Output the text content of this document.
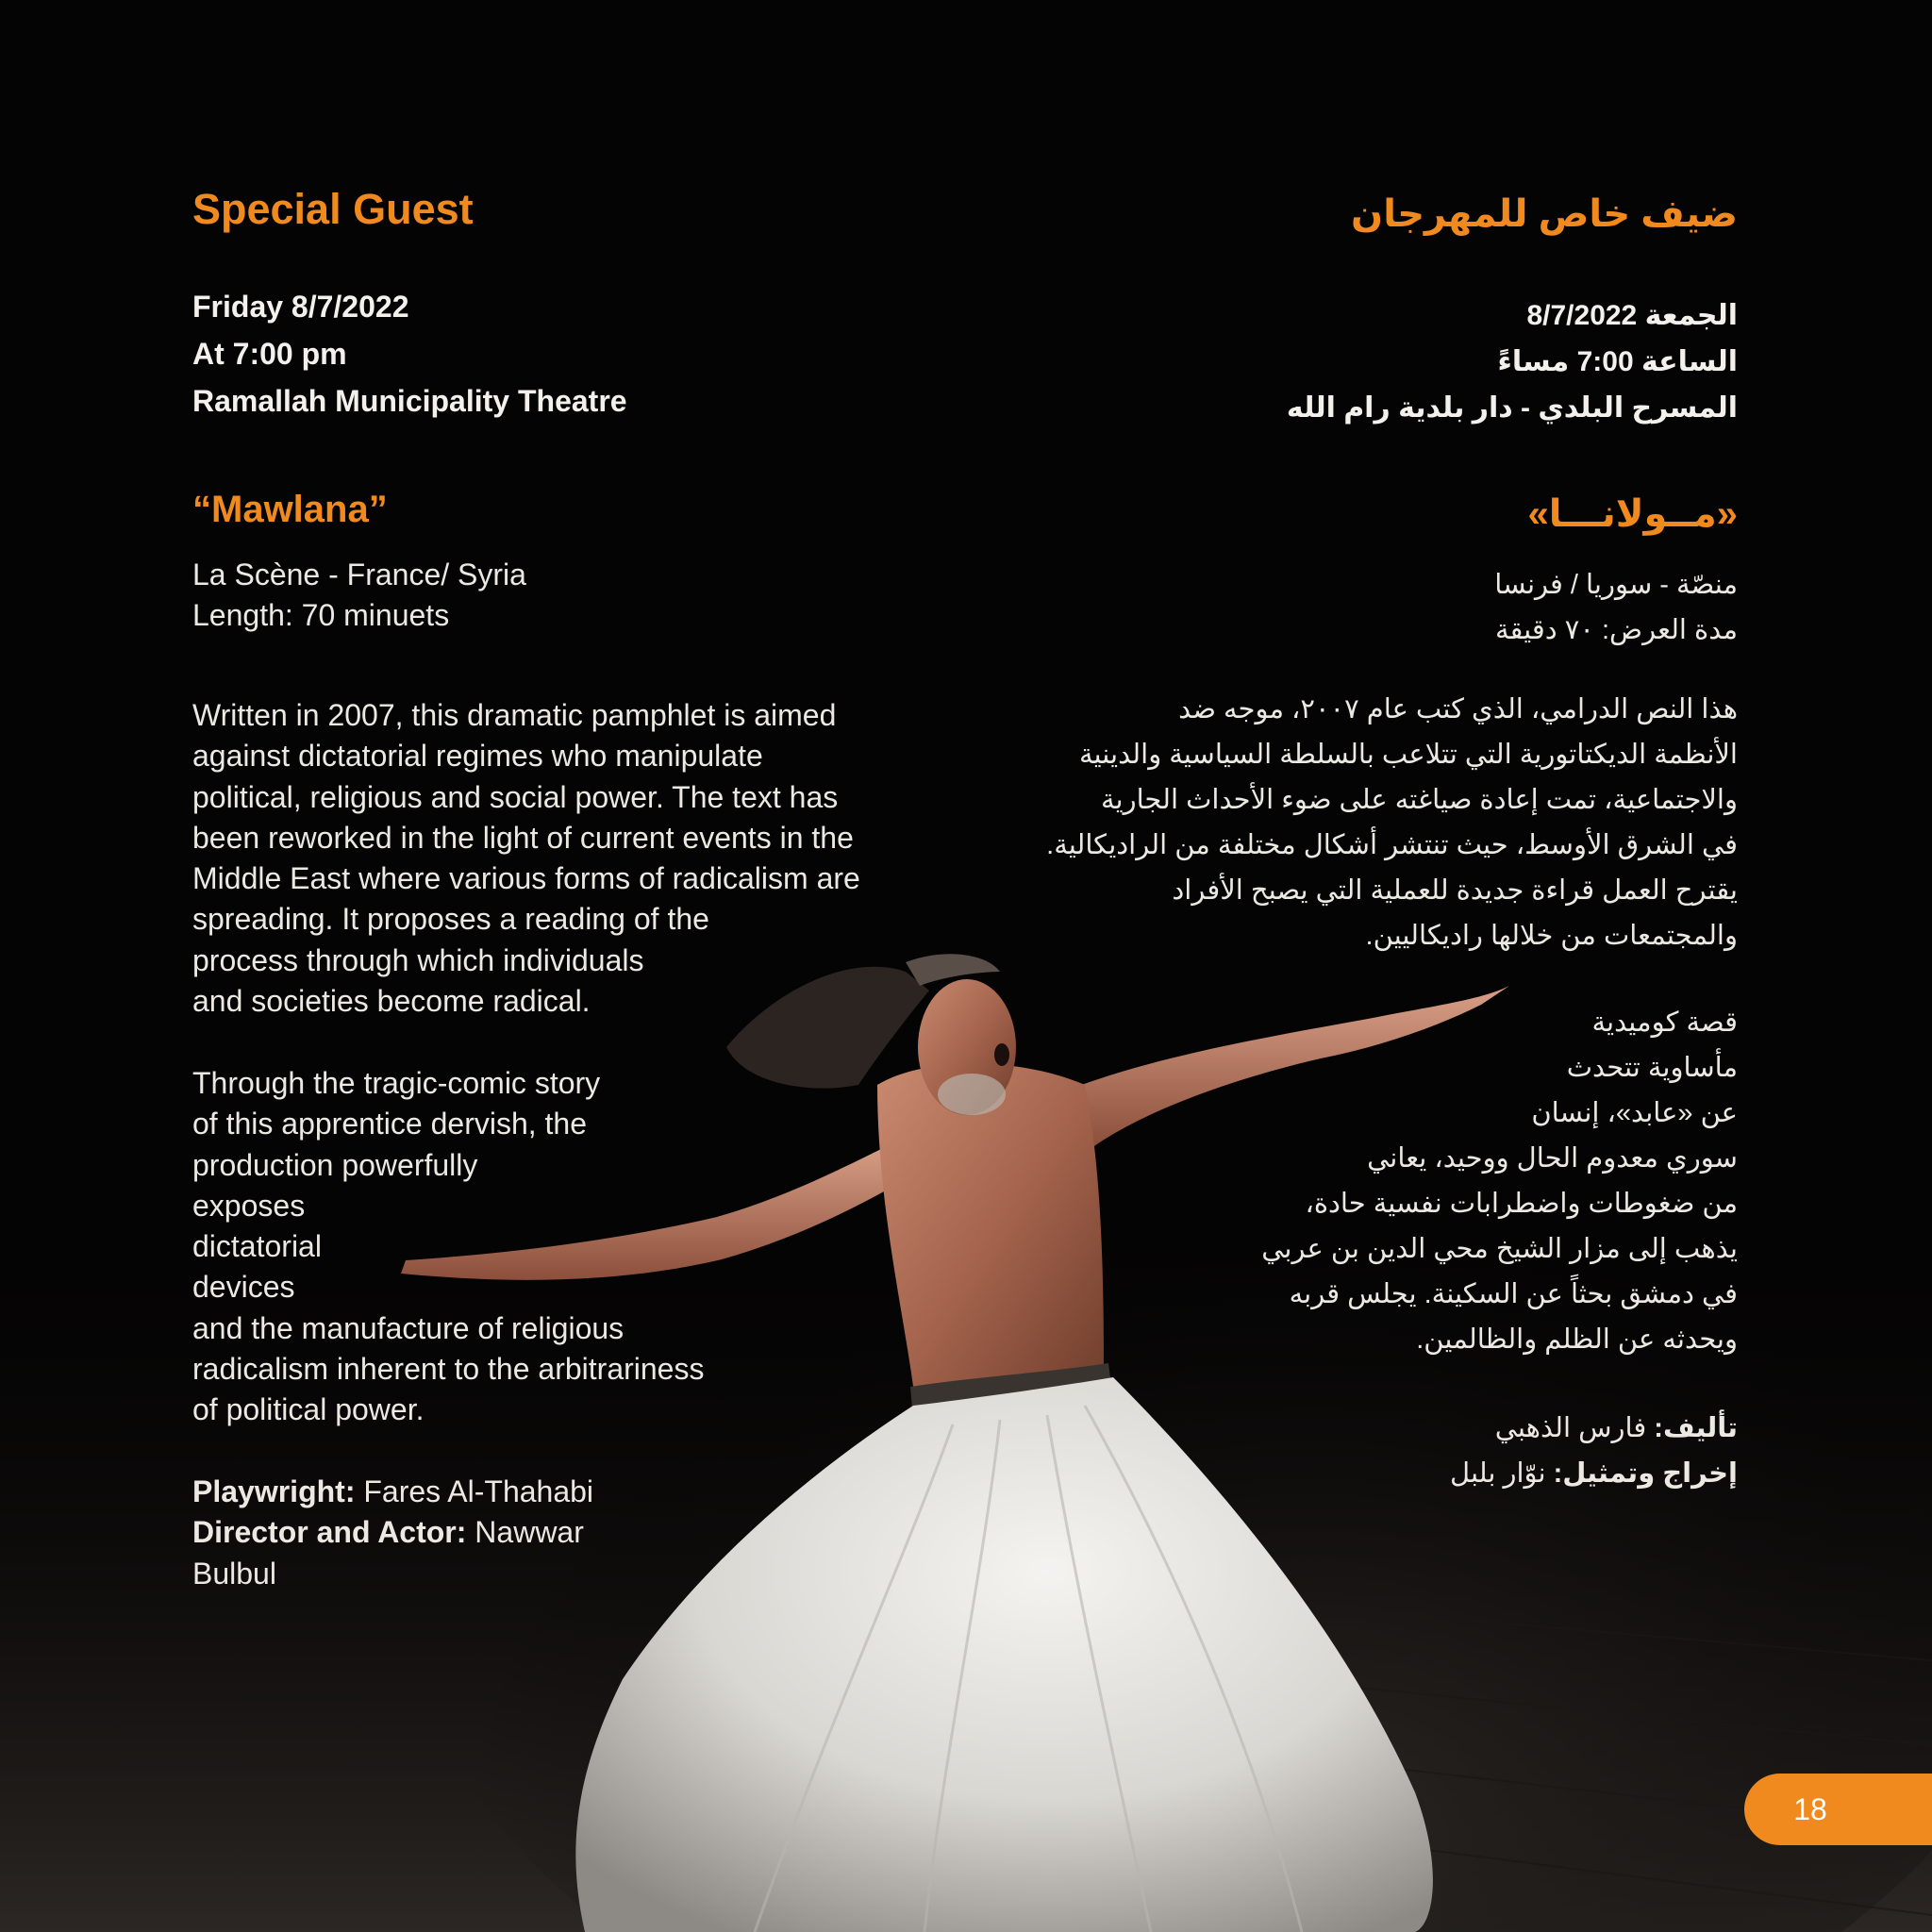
Special Guest
Friday 8/7/2022
At 7:00 pm
Ramallah Municipality Theatre
“Mawlana”
La Scène - France/ Syria
Length: 70 minuets
Written in 2007, this dramatic pamphlet is aimed
against dictatorial regimes who manipulate
political, religious and social power. The text has
been reworked in the light of current events in the
Middle East where various forms of radicalism are
spreading. It proposes a reading of the
process through which individuals
and societies become radical.
Through the tragic-comic story
of this apprentice dervish, the
production powerfully
exposes
dictatorial
devices
and the manufacture of religious
radicalism inherent to the arbitrariness
of political power.
Playwright: Fares Al-Thahabi
Director and Actor: Nawwar
Bulbul
ضيف خاص للمهرجان
الجمعة 8/7/2022
الساعة 7:00 مساءً
المسرح البلدي - دار بلدية رام الله
«مــولانـــا»
منصّة - سوريا / فرنسا
مدة العرض: ٧٠ دقيقة
هذا النص الدرامي، الذي كتب عام ٢٠٠٧، موجه ضد
الأنظمة الديكتاتورية التي تتلاعب بالسلطة السياسية والدينية
والاجتماعية، تمت إعادة صياغته على ضوء الأحداث الجارية
في الشرق الأوسط، حيث تنتشر أشكال مختلفة من الراديكالية.
يقترح العمل قراءة جديدة للعملية التي يصبح الأفراد
والمجتمعات من خلالها راديكاليين.
قصة كوميدية
مأساوية تتحدث
عن «عابد»، إنسان
سوري معدوم الحال ووحيد، يعاني
من ضغوطات واضطرابات نفسية حادة،
يذهب إلى مزار الشيخ محي الدين بن عربي
في دمشق بحثاً عن السكينة. يجلس قربه
ويحدثه عن الظلم والظالمين.
تأليف: فارس الذهبي
إخراج وتمثيل: نوّار بلبل
18
